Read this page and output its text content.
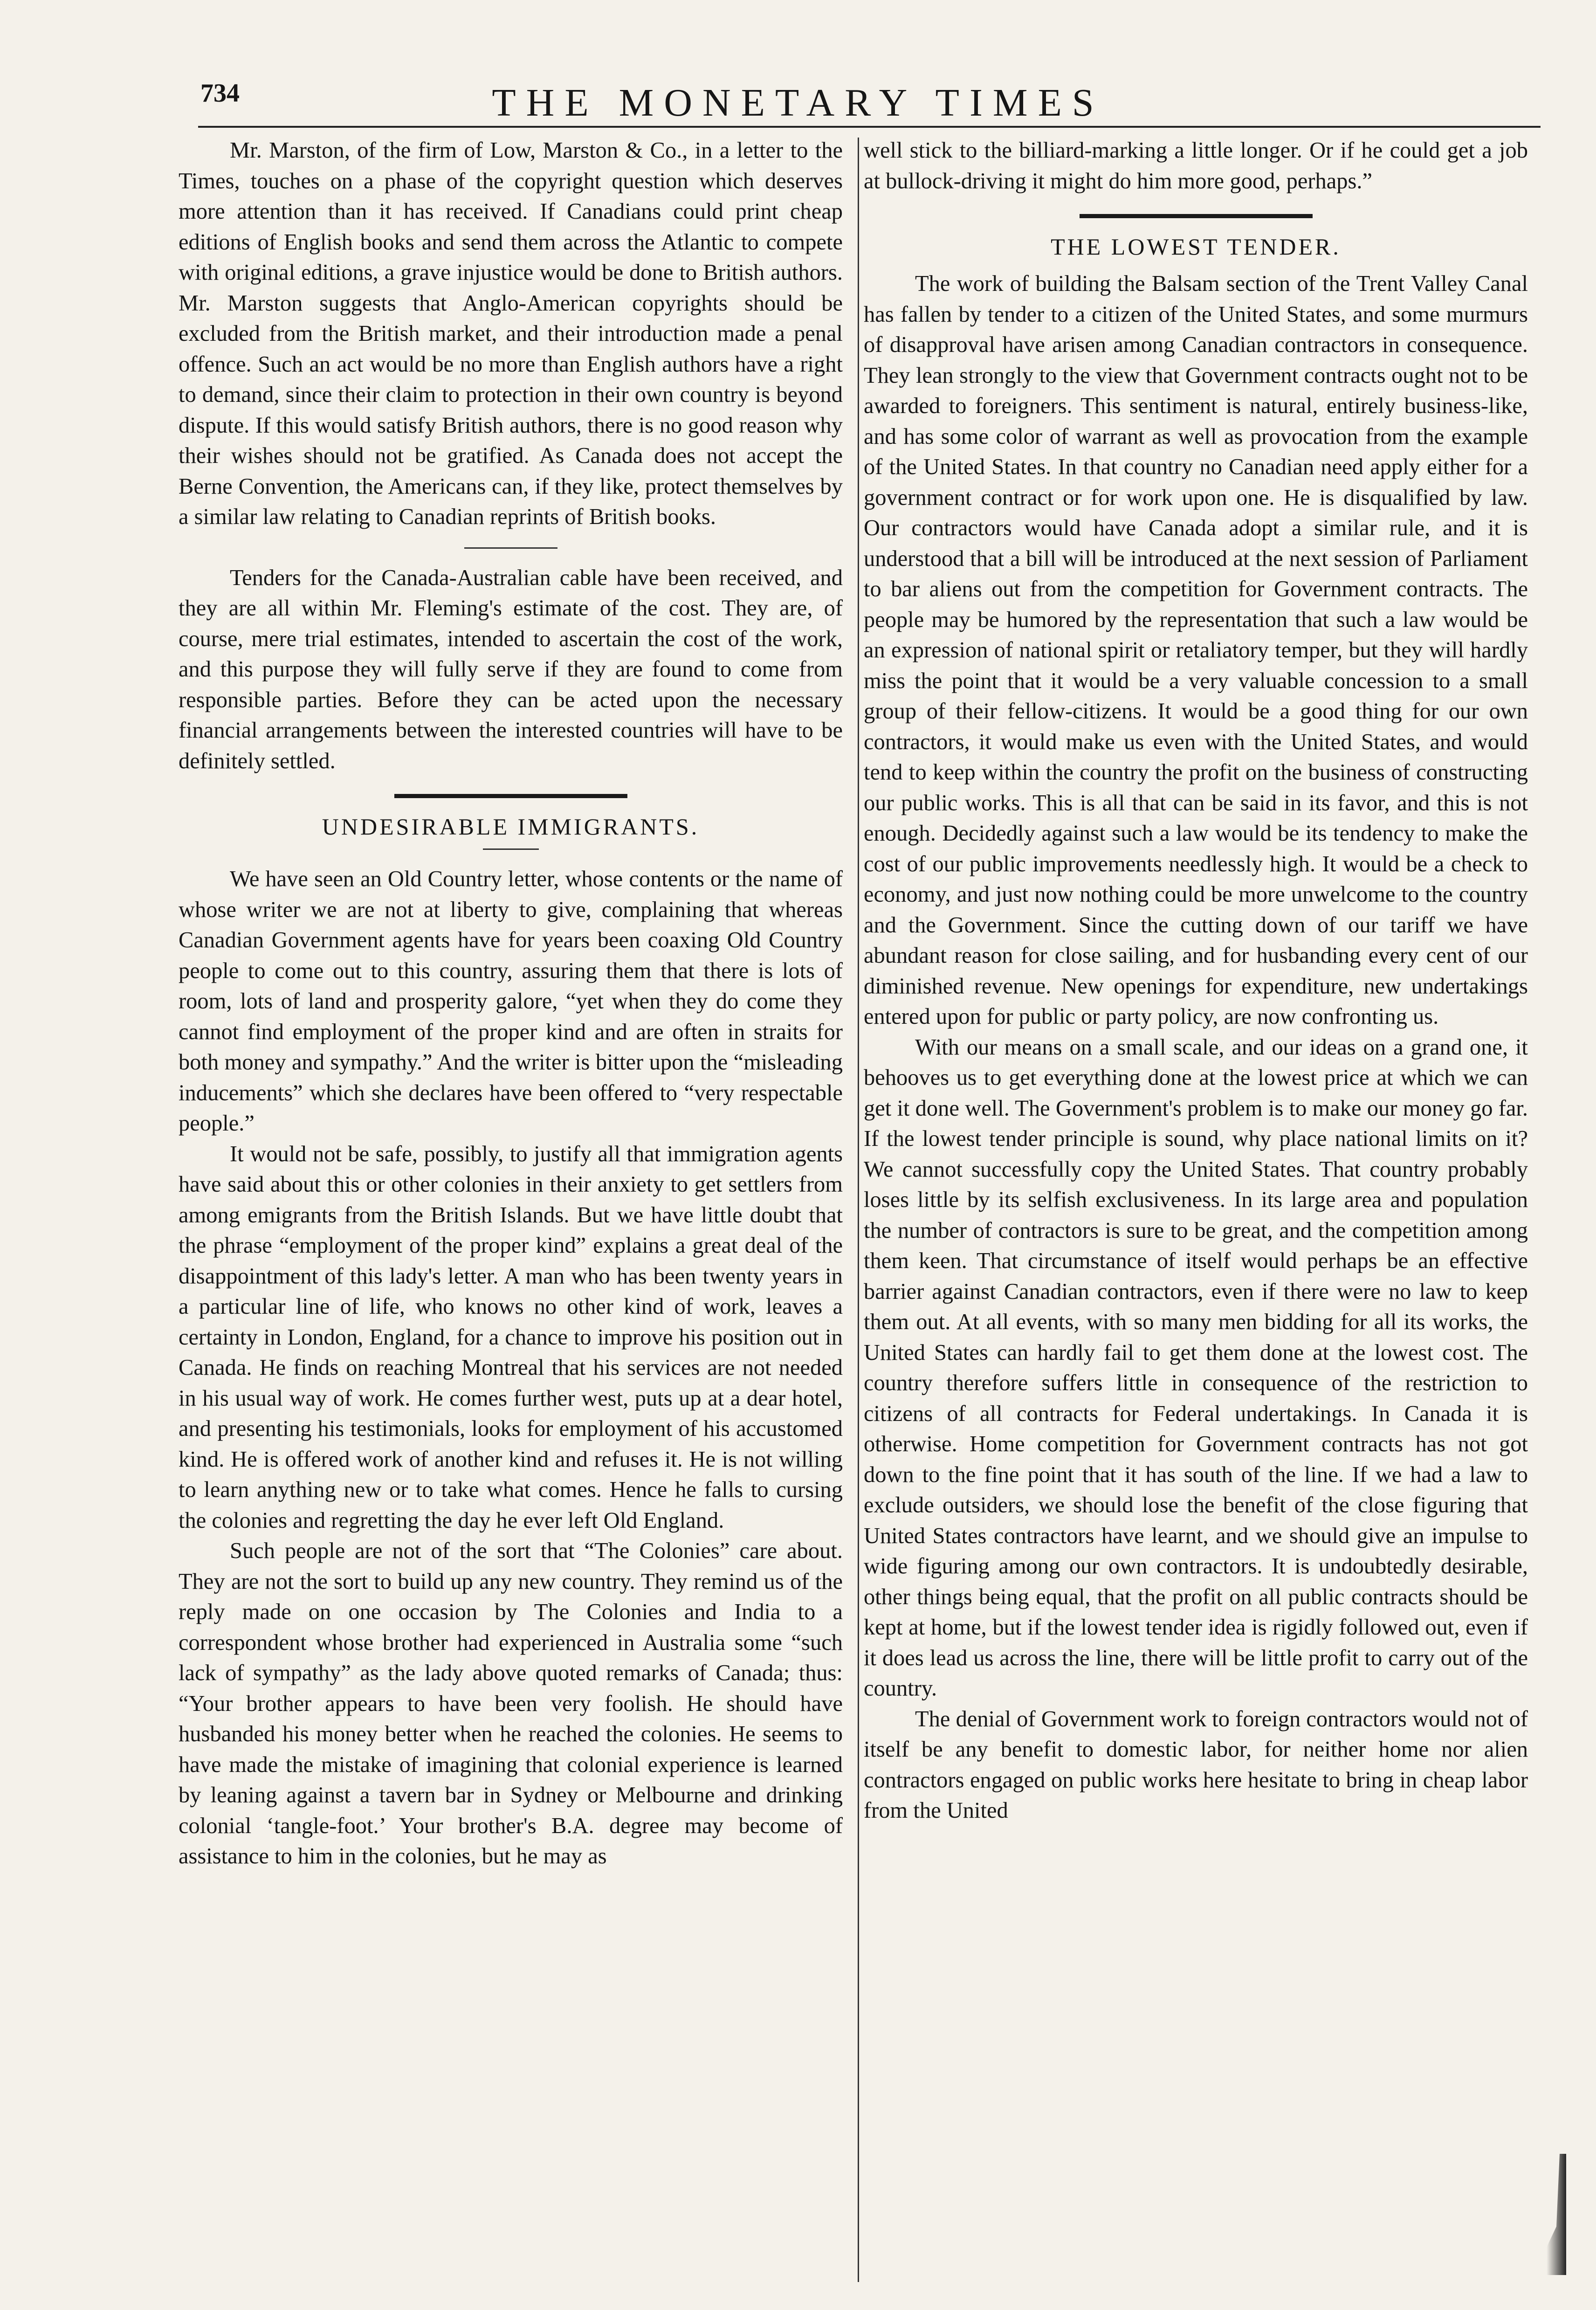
734	THE MONETARY TIMES

Mr. Marston, of the firm of Low, Marston & Co., in a letter to the Times, touches on a phase of the copyright question which deserves more attention than it has received. If Canadians could print cheap editions of English books and send them across the Atlantic to compete with original editions, a grave injustice would be done to British authors. Mr. Marston suggests that Anglo-American copyrights should be excluded from the British market, and their introduction made a penal offence. Such an act would be no more than English authors have a right to demand, since their claim to protection in their own country is beyond dispute. If this would satisfy British authors, there is no good reason why their wishes should not be gratified. As Canada does not accept the Berne Convention, the Americans can, if they like, protect themselves by a similar law relating to Canadian reprints of British books.

Tenders for the Canada-Australian cable have been received, and they are all within Mr. Fleming's estimate of the cost. They are, of course, mere trial estimates, intended to ascertain the cost of the work, and this purpose they will fully serve if they are found to come from responsible parties. Before they can be acted upon the necessary financial arrangements between the interested countries will have to be definitely settled.

UNDESIRABLE IMMIGRANTS.

We have seen an Old Country letter, whose contents or the name of whose writer we are not at liberty to give, complaining that whereas Canadian Government agents have for years been coaxing Old Country people to come out to this country, assuring them that there is lots of room, lots of land and prosperity galore, “yet when they do come they cannot find employment of the proper kind and are often in straits for both money and sympathy.” And the writer is bitter upon the “misleading inducements” which she declares have been offered to “very respectable people.”

It would not be safe, possibly, to justify all that immigration agents have said about this or other colonies in their anxiety to get settlers from among emigrants from the British Islands. But we have little doubt that the phrase “employment of the proper kind” explains a great deal of the disappointment of this lady's letter. A man who has been twenty years in a particular line of life, who knows no other kind of work, leaves a certainty in London, England, for a chance to improve his position out in Canada. He finds on reaching Montreal that his services are not needed in his usual way of work. He comes further west, puts up at a dear hotel, and presenting his testimonials, looks for employment of his accustomed kind. He is offered work of another kind and refuses it. He is not willing to learn anything new or to take what comes. Hence he falls to cursing the colonies and regretting the day he ever left Old England.

Such people are not of the sort that “The Colonies” care about. They are not the sort to build up any new country. They remind us of the reply made on one occasion by The Colonies and India to a correspondent whose brother had experienced in Australia some “such lack of sympathy” as the lady above quoted remarks of Canada; thus: “Your brother appears to have been very foolish. He should have husbanded his money better when he reached the colonies. He seems to have made the mistake of imagining that colonial experience is learned by leaning against a tavern bar in Sydney or Melbourne and drinking colonial ‘tangle-foot.’ Your brother's B.A. degree may become of assistance to him in the colonies, but he may as

well stick to the billiard-marking a little longer. Or if he could get a job at bullock-driving it might do him more good, perhaps.”

THE LOWEST TENDER.

The work of building the Balsam section of the Trent Valley Canal has fallen by tender to a citizen of the United States, and some murmurs of disapproval have arisen among Canadian contractors in consequence. They lean strongly to the view that Government contracts ought not to be awarded to foreigners. This sentiment is natural, entirely business-like, and has some color of warrant as well as provocation from the example of the United States. In that country no Canadian need apply either for a government contract or for work upon one. He is disqualified by law. Our contractors would have Canada adopt a similar rule, and it is understood that a bill will be introduced at the next session of Parliament to bar aliens out from the competition for Government contracts. The people may be humored by the representation that such a law would be an expression of national spirit or retaliatory temper, but they will hardly miss the point that it would be a very valuable concession to a small group of their fellow-citizens. It would be a good thing for our own contractors, it would make us even with the United States, and would tend to keep within the country the profit on the business of constructing our public works. This is all that can be said in its favor, and this is not enough. Decidedly against such a law would be its tendency to make the cost of our public improvements needlessly high. It would be a check to economy, and just now nothing could be more unwelcome to the country and the Government. Since the cutting down of our tariff we have abundant reason for close sailing, and for husbanding every cent of our diminished revenue. New openings for expenditure, new undertakings entered upon for public or party policy, are now confronting us.

With our means on a small scale, and our ideas on a grand one, it behooves us to get everything done at the lowest price at which we can get it done well. The Government's problem is to make our money go far. If the lowest tender principle is sound, why place national limits on it? We cannot successfully copy the United States. That country probably loses little by its selfish exclusiveness. In its large area and population the number of contractors is sure to be great, and the competition among them keen. That circumstance of itself would perhaps be an effective barrier against Canadian contractors, even if there were no law to keep them out. At all events, with so many men bidding for all its works, the United States can hardly fail to get them done at the lowest cost. The country therefore suffers little in consequence of the restriction to citizens of all contracts for Federal undertakings. In Canada it is otherwise. Home competition for Government contracts has not got down to the fine point that it has south of the line. If we had a law to exclude outsiders, we should lose the benefit of the close figuring that United States contractors have learnt, and we should give an impulse to wide figuring among our own contractors. It is undoubtedly desirable, other things being equal, that the profit on all public contracts should be kept at home, but if the lowest tender idea is rigidly followed out, even if it does lead us across the line, there will be little profit to carry out of the country.

The denial of Government work to foreign contractors would not of itself be any benefit to domestic labor, for neither home nor alien contractors engaged on public works here hesitate to bring in cheap labor from the United
